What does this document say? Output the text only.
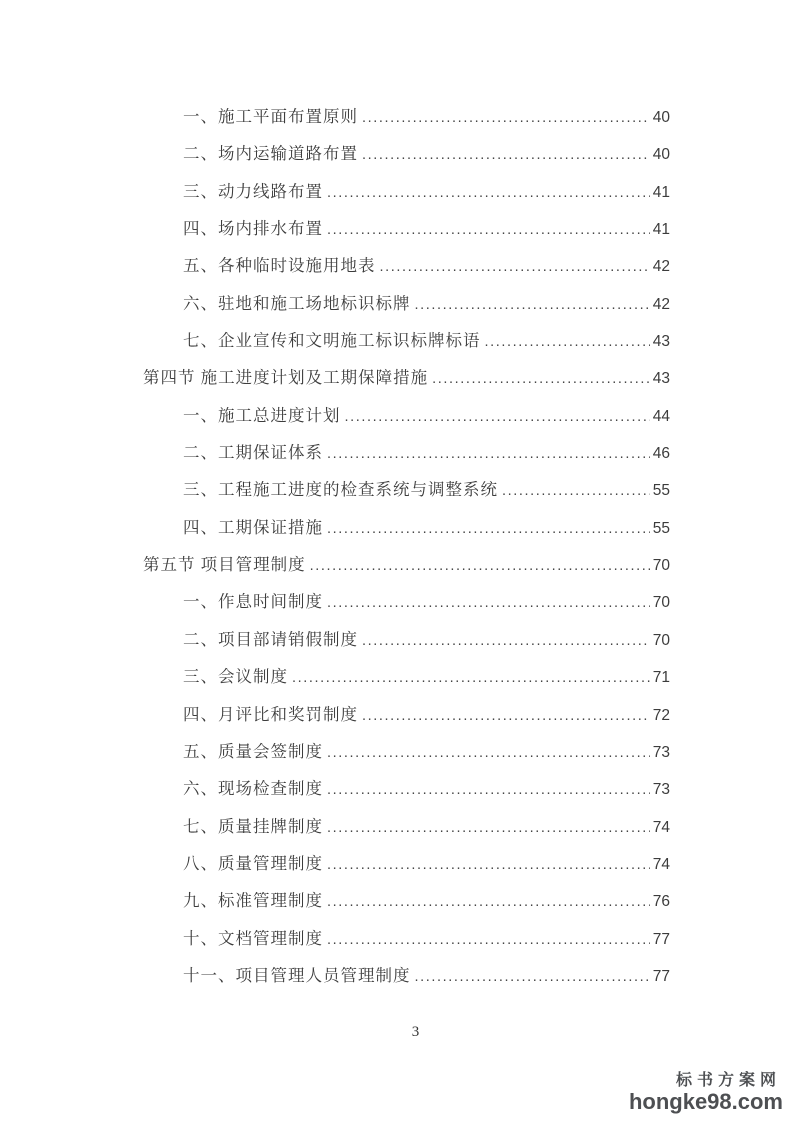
一、施工平面布置原则 .....	40
二、场内运输道路布置 .....	40
三、动力线路布置 .....	41
四、场内排水布置 .....	41
五、各种临时设施用地表 .....	42
六、驻地和施工场地标识标牌 .....	42
七、企业宣传和文明施工标识标牌标语 .....	43
第四节 施工进度计划及工期保障措施 .....	43
一、施工总进度计划 .....	44
二、工期保证体系 .....	46
三、工程施工进度的检查系统与调整系统 .....	55
四、工期保证措施 .....	55
第五节 项目管理制度 .....	70
一、作息时间制度 .....	70
二、项目部请销假制度 .....	70
三、会议制度 .....	71
四、月评比和奖罚制度 .....	72
五、质量会签制度 .....	73
六、现场检查制度 .....	73
七、质量挂牌制度 .....	74
八、质量管理制度 .....	74
九、标准管理制度 .....	76
十、文档管理制度 .....	77
十一、项目管理人员管理制度 .....	77
3
标书方案网
hongke98.com
